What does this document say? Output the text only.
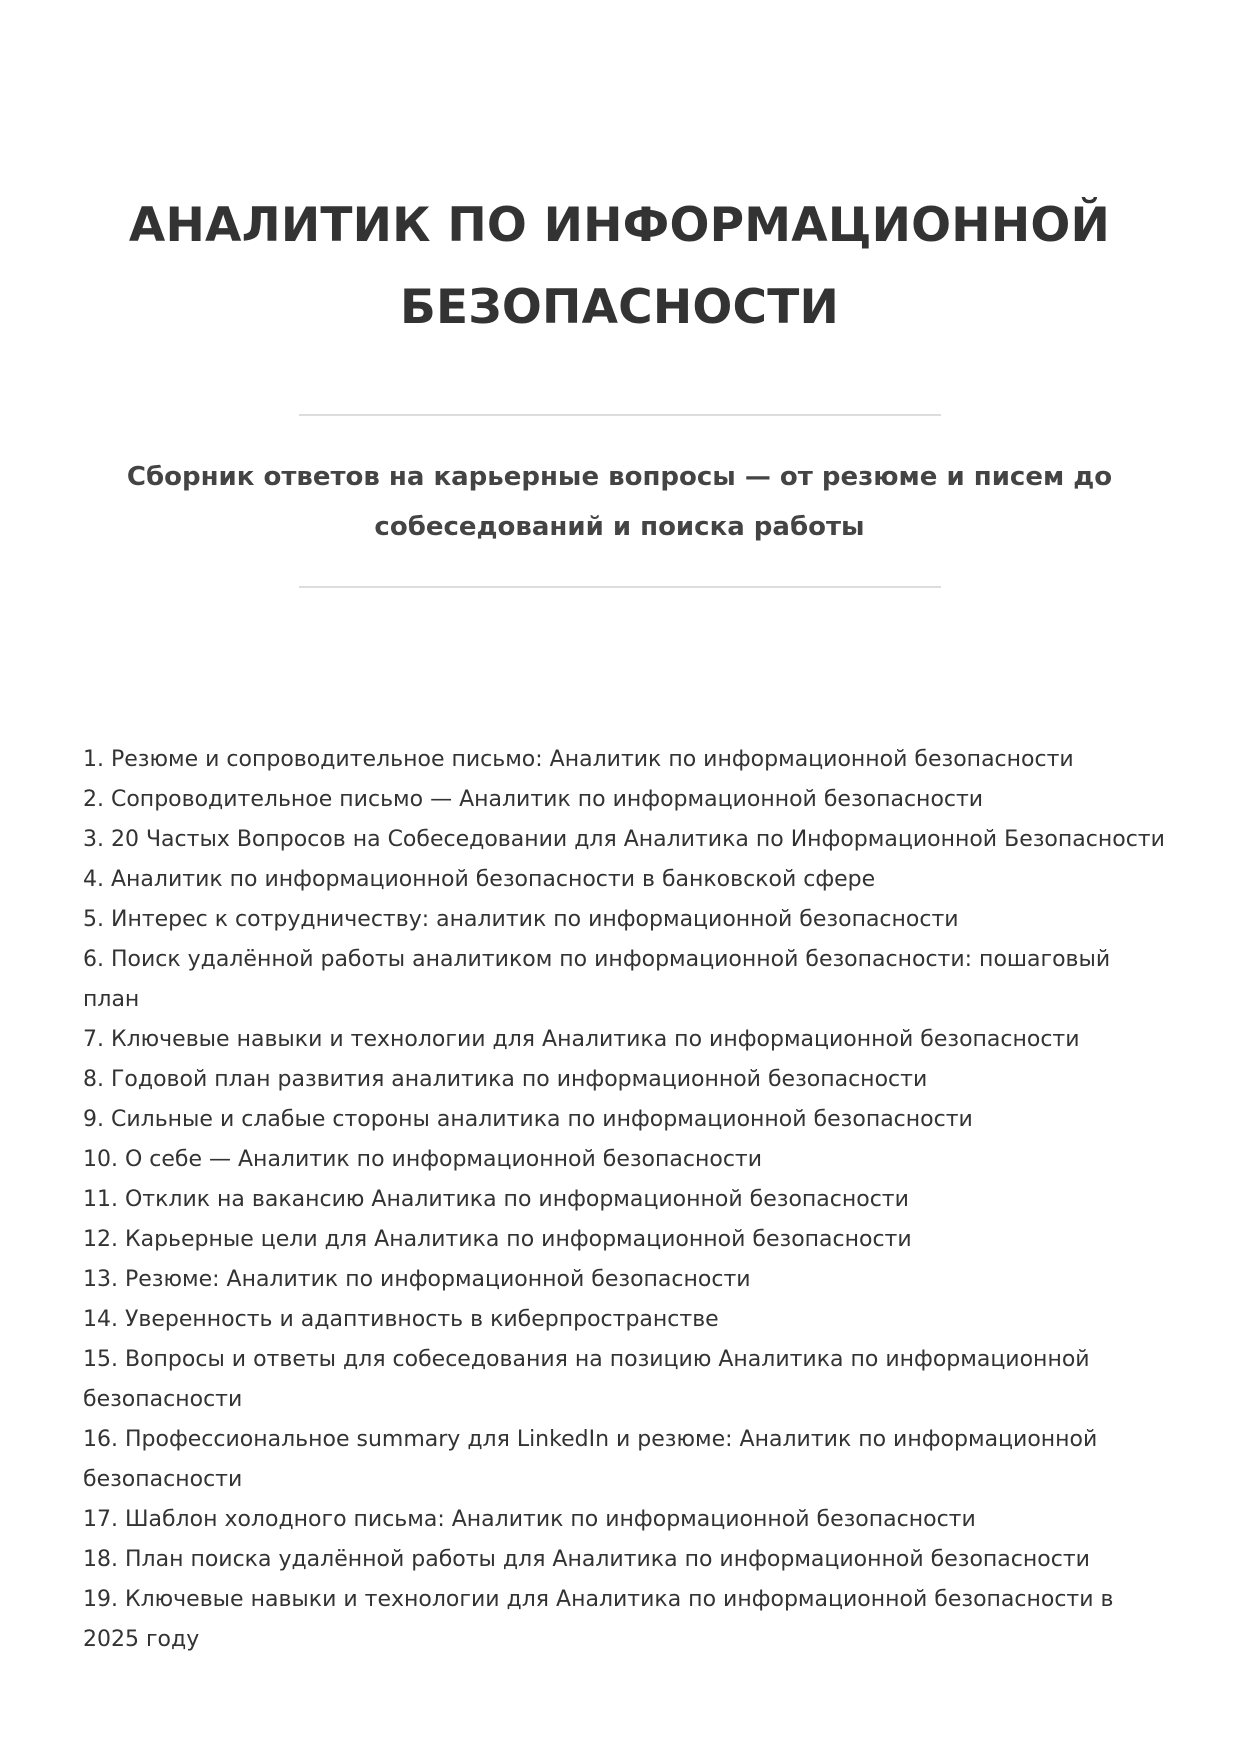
АНАЛИТИК ПО ИНФОРМАЦИОННОЙ БЕЗОПАСНОСТИ

Сборник ответов на карьерные вопросы — от резюме и писем до собеседований и поиска работы

1. Резюме и сопроводительное письмо: Аналитик по информационной безопасности
2. Сопроводительное письмо — Аналитик по информационной безопасности
3. 20 Частых Вопросов на Собеседовании для Аналитика по Информационной Безопасности
4. Аналитик по информационной безопасности в банковской сфере
5. Интерес к сотрудничеству: аналитик по информационной безопасности
6. Поиск удалённой работы аналитиком по информационной безопасности: пошаговый план
7. Ключевые навыки и технологии для Аналитика по информационной безопасности
8. Годовой план развития аналитика по информационной безопасности
9. Сильные и слабые стороны аналитика по информационной безопасности
10. О себе — Аналитик по информационной безопасности
11. Отклик на вакансию Аналитика по информационной безопасности
12. Карьерные цели для Аналитика по информационной безопасности
13. Резюме: Аналитик по информационной безопасности
14. Уверенность и адаптивность в киберпространстве
15. Вопросы и ответы для собеседования на позицию Аналитика по информационной безопасности
16. Профессиональное summary для LinkedIn и резюме: Аналитик по информационной безопасности
17. Шаблон холодного письма: Аналитик по информационной безопасности
18. План поиска удалённой работы для Аналитика по информационной безопасности
19. Ключевые навыки и технологии для Аналитика по информационной безопасности в 2025 году
